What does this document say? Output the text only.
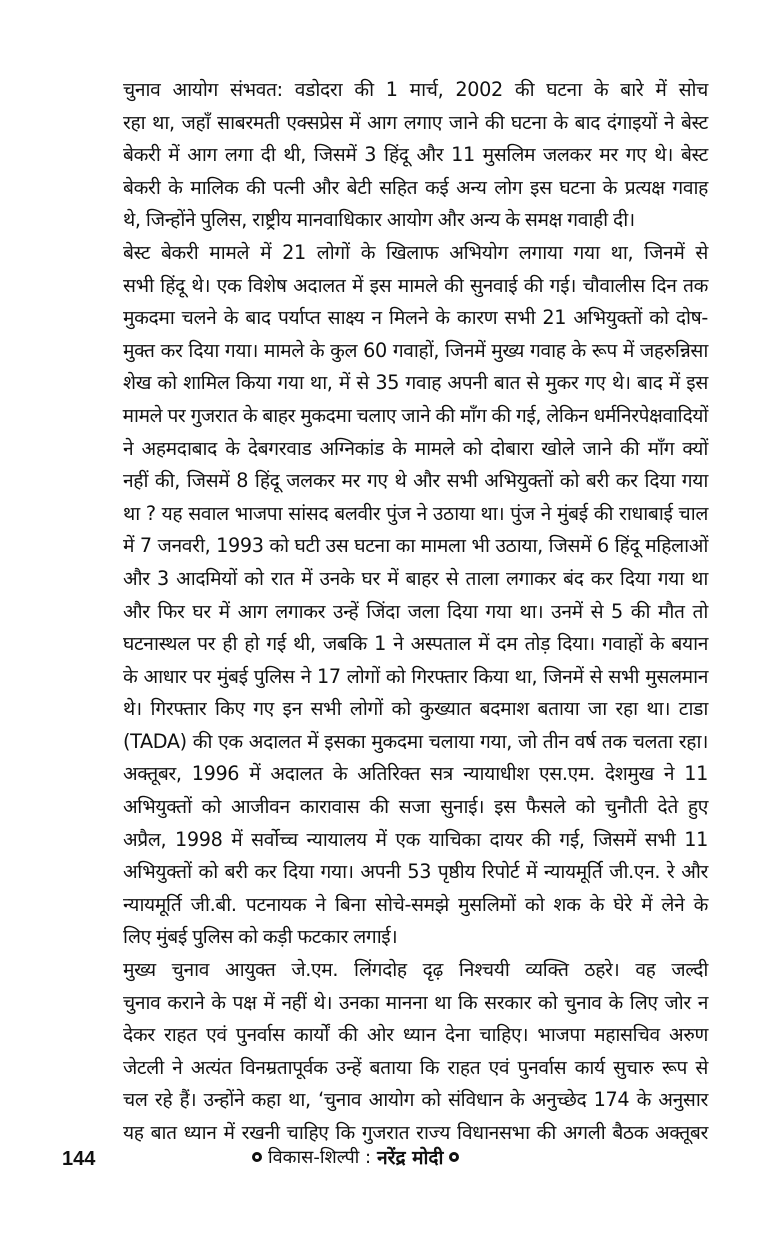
चुनाव आयोग संभवत: वडोदरा की 1 मार्च, 2002 की घटना के बारे में सोच
रहा था, जहाँ साबरमती एक्सप्रेस में आग लगाए जाने की घटना के बाद दंगाइयों ने बेस्ट
बेकरी में आग लगा दी थी, जिसमें 3 हिंदू और 11 मुसलिम जलकर मर गए थे। बेस्ट
बेकरी के मालिक की पत्नी और बेटी सहित कई अन्य लोग इस घटना के प्रत्यक्ष गवाह
थे, जिन्होंने पुलिस, राष्ट्रीय मानवाधिकार आयोग और अन्य के समक्ष गवाही दी।

बेस्ट बेकरी मामले में 21 लोगों के खिलाफ अभियोग लगाया गया था, जिनमें से
सभी हिंदू थे। एक विशेष अदालत में इस मामले की सुनवाई की गई। चौवालीस दिन तक
मुकदमा चलने के बाद पर्याप्त साक्ष्य न मिलने के कारण सभी 21 अभियुक्तों को दोष-
मुक्त कर दिया गया। मामले के कुल 60 गवाहों, जिनमें मुख्य गवाह के रूप में जहरुन्निसा
शेख को शामिल किया गया था, में से 35 गवाह अपनी बात से मुकर गए थे। बाद में इस
मामले पर गुजरात के बाहर मुकदमा चलाए जाने की माँग की गई, लेकिन धर्मनिरपेक्षवादियों
ने अहमदाबाद के देबगरवाड अग्निकांड के मामले को दोबारा खोले जाने की माँग क्यों
नहीं की, जिसमें 8 हिंदू जलकर मर गए थे और सभी अभियुक्तों को बरी कर दिया गया
था ? यह सवाल भाजपा सांसद बलवीर पुंज ने उठाया था। पुंज ने मुंबई की राधाबाई चाल
में 7 जनवरी, 1993 को घटी उस घटना का मामला भी उठाया, जिसमें 6 हिंदू महिलाओं
और 3 आदमियों को रात में उनके घर में बाहर से ताला लगाकर बंद कर दिया गया था
और फिर घर में आग लगाकर उन्हें जिंदा जला दिया गया था। उनमें से 5 की मौत तो
घटनास्थल पर ही हो गई थी, जबकि 1 ने अस्पताल में दम तोड़ दिया। गवाहों के बयान
के आधार पर मुंबई पुलिस ने 17 लोगों को गिरफ्तार किया था, जिनमें से सभी मुसलमान
थे। गिरफ्तार किए गए इन सभी लोगों को कुख्यात बदमाश बताया जा रहा था। टाडा
(TADA) की एक अदालत में इसका मुकदमा चलाया गया, जो तीन वर्ष तक चलता रहा।
अक्तूबर, 1996 में अदालत के अतिरिक्त सत्र न्यायाधीश एस.एम. देशमुख ने 11
अभियुक्तों को आजीवन कारावास की सजा सुनाई। इस फैसले को चुनौती देते हुए
अप्रैल, 1998 में सर्वोच्च न्यायालय में एक याचिका दायर की गई, जिसमें सभी 11
अभियुक्तों को बरी कर दिया गया। अपनी 53 पृष्ठीय रिपोर्ट में न्यायमूर्ति जी.एन. रे और
न्यायमूर्ति जी.बी. पटनायक ने बिना सोचे-समझे मुसलिमों को शक के घेरे में लेने के
लिए मुंबई पुलिस को कड़ी फटकार लगाई।

मुख्य चुनाव आयुक्त जे.एम. लिंगदोह दृढ़ निश्चयी व्यक्ति ठहरे। वह जल्दी
चुनाव कराने के पक्ष में नहीं थे। उनका मानना था कि सरकार को चुनाव के लिए जोर न
देकर राहत एवं पुनर्वास कार्यों की ओर ध्यान देना चाहिए। भाजपा महासचिव अरुण
जेटली ने अत्यंत विनम्रतापूर्वक उन्हें बताया कि राहत एवं पुनर्वास कार्य सुचारु रूप से
चल रहे हैं। उन्होंने कहा था, ‘चुनाव आयोग को संविधान के अनुच्छेद 174 के अनुसार
यह बात ध्यान में रखनी चाहिए कि गुजरात राज्य विधानसभा की अगली बैठक अक्तूबर

144	विकास-शिल्पी : नरेंद्र मोदी
